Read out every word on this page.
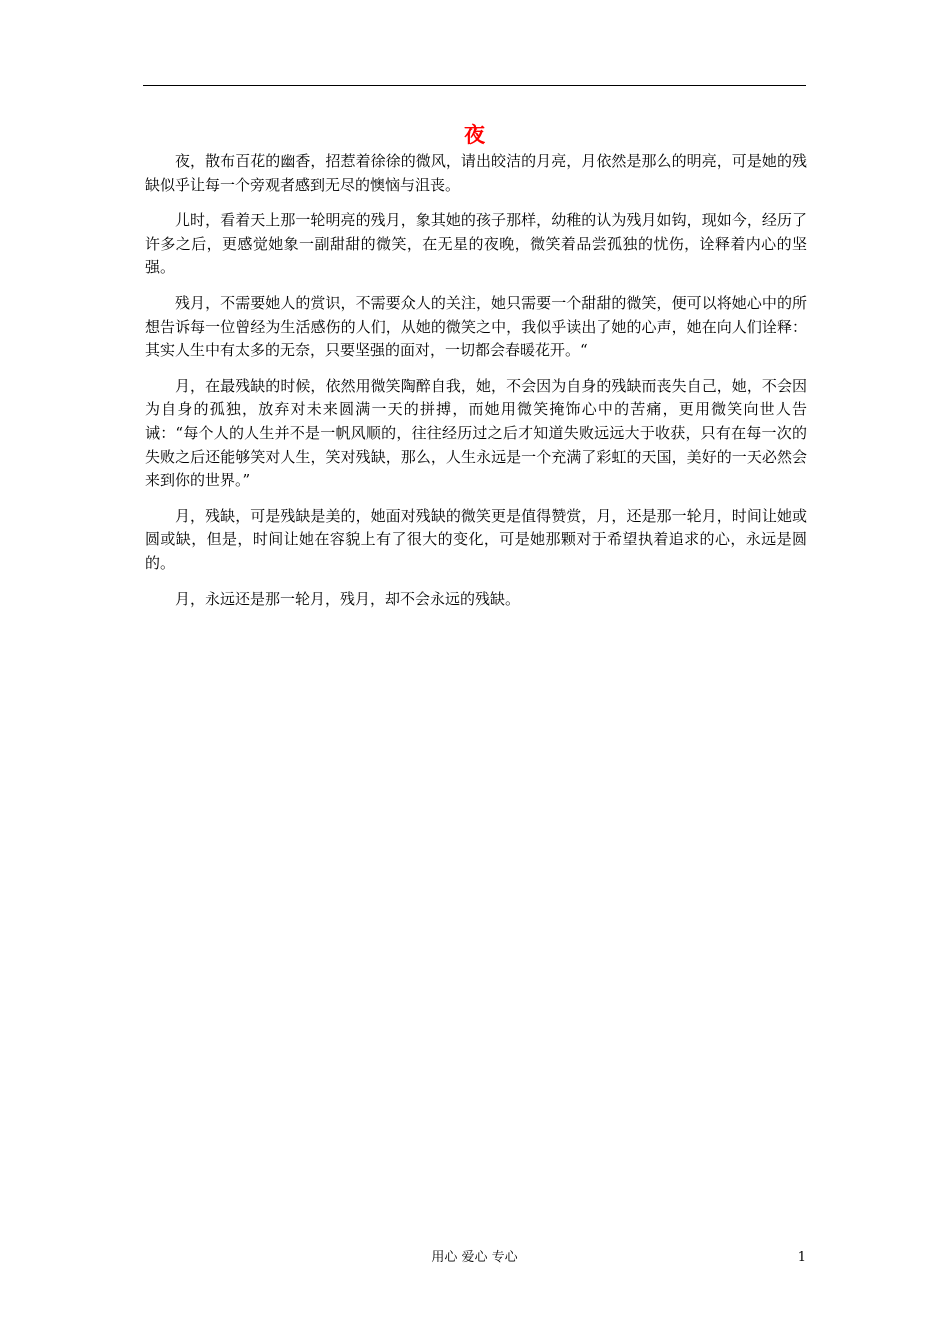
夜

夜，散布百花的幽香，招惹着徐徐的微风，请出皎洁的月亮，月依然是那么的明亮，可是她的残缺似乎让每一个旁观者感到无尽的懊恼与沮丧。

儿时，看着天上那一轮明亮的残月，象其她的孩子那样，幼稚的认为残月如钩，现如今，经历了许多之后，更感觉她象一副甜甜的微笑，在无星的夜晚，微笑着品尝孤独的忧伤，诠释着内心的坚强。

残月，不需要她人的赏识，不需要众人的关注，她只需要一个甜甜的微笑，便可以将她心中的所想告诉每一位曾经为生活感伤的人们，从她的微笑之中，我似乎读出了她的心声，她在向人们诠释：其实人生中有太多的无奈，只要坚强的面对，一切都会春暖花开。“

月，在最残缺的时候，依然用微笑陶醉自我，她，不会因为自身的残缺而丧失自己，她，不会因为自身的孤独，放弃对未来圆满一天的拼搏，而她用微笑掩饰心中的苦痛，更用微笑向世人告诫：“每个人的人生并不是一帆风顺的，往往经历过之后才知道失败远远大于收获，只有在每一次的失败之后还能够笑对人生，笑对残缺，那么，人生永远是一个充满了彩虹的天国，美好的一天必然会来到你的世界。”

月，残缺，可是残缺是美的，她面对残缺的微笑更是值得赞赏，月，还是那一轮月，时间让她或圆或缺，但是，时间让她在容貌上有了很大的变化，可是她那颗对于希望执着追求的心，永远是圆的。

月，永远还是那一轮月，残月，却不会永远的残缺。

用心 爱心 专心	1
